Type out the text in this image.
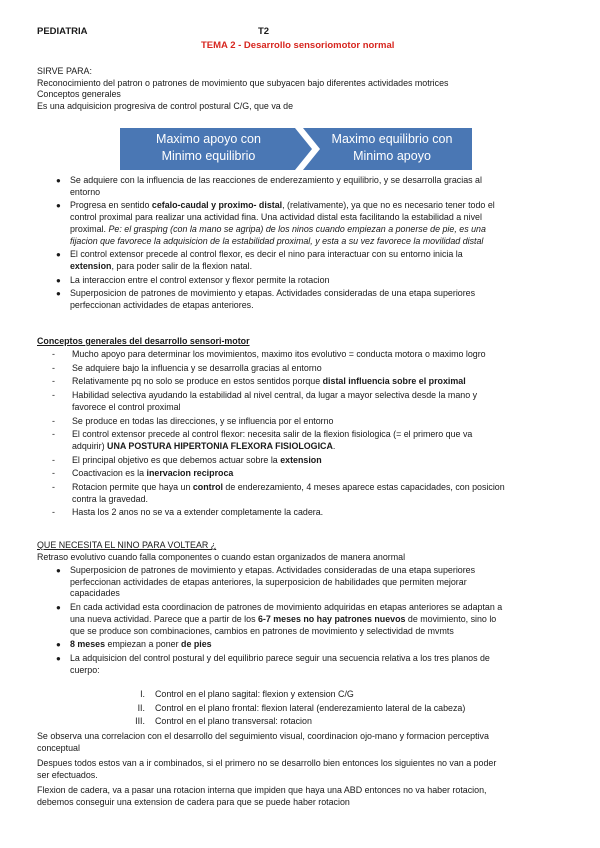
PEDIATRIA	T2
TEMA 2 - Desarrollo sensoriomotor normal
SIRVE PARA:
Reconocimiento del patron o patrones de movimiento que subyacen bajo diferentes actividades motrices
Conceptos generales
Es una adquisicion progresiva de control postural C/G, que va de
Maximo apoyo con
Minimo equilibrio
Maximo equilibrio con
Minimo apoyo
● Se adquiere con la influencia de las reacciones de enderezamiento y equilibrio, y se desarrolla gracias al
entorno
● Progresa en sentido cefalo-caudal y proximo- distal, (relativamente), ya que no es necesario tener todo el
control proximal para realizar una actividad fina. Una actividad distal esta facilitando la estabilidad a nivel
proximal. Pe: el grasping (con la mano se agripa) de los ninos cuando empiezan a ponerse de pie, es una
fijacion que favorece la adquisicion de la estabilidad proximal, y esta a su vez favorece la movilidad distal
● El control extensor precede al control flexor, es decir el nino para interactuar con su entorno inicia la
extension, para poder salir de la flexion natal.
● La interaccion entre el control extensor y flexor permite la rotacion
● Superposicion de patrones de movimiento y etapas. Actividades consideradas de una etapa superiores
perfeccionan actividades de etapas anteriores.
Conceptos generales del desarrollo sensori-motor
- Mucho apoyo para determinar los movimientos, maximo itos evolutivo = conducta motora o maximo logro
- Se adquiere bajo la influencia y se desarrolla gracias al entorno
- Relativamente pq no solo se produce en estos sentidos porque distal influencia sobre el proximal
- Habilidad selectiva ayudando la estabilidad al nivel central, da lugar a mayor selectiva desde la mano y
favorece el control proximal
- Se produce en todas las direcciones, y se influencia por el entorno
- El control extensor precede al control flexor: necesita salir de la flexion fisiologica (= el primero que va
adquirir) UNA POSTURA HIPERTONIA FLEXORA FISIOLOGICA.
- El principal objetivo es que debemos actuar sobre la extension
- Coactivacion es la inervacion reciproca
- Rotacion permite que haya un control de enderezamiento, 4 meses aparece estas capacidades, con posicion
contra la gravedad.
- Hasta los 2 anos no se va a extender completamente la cadera.
QUE NECESITA EL NINO PARA VOLTEAR ¿
Retraso evolutivo cuando falla componentes o cuando estan organizados de manera anormal
● Superposicion de patrones de movimiento y etapas. Actividades consideradas de una etapa superiores
perfeccionan actividades de etapas anteriores, la superposicion de habilidades que permiten mejorar
capacidades
● En cada actividad esta coordinacion de patrones de movimiento adquiridas en etapas anteriores se adaptan a
una nueva actividad. Parece que a partir de los 6-7 meses no hay patrones nuevos de movimiento, sino lo
que se produce son combinaciones, cambios en patrones de movimiento y selectividad de mvmts
● 8 meses empiezan a poner de pies
● La adquisicion del control postural y del equilibrio parece seguir una secuencia relativa a los tres planos de
cuerpo:
I. Control en el plano sagital: flexion y extension C/G
II. Control en el plano frontal: flexion lateral (enderezamiento lateral de la cabeza)
III. Control en el plano transversal: rotacion
Se observa una correlacion con el desarrollo del seguimiento visual, coordinacion ojo-mano y formacion perceptiva
conceptual
Despues todos estos van a ir combinados, si el primero no se desarrollo bien entonces los siguientes no van a poder
ser efectuados.
Flexion de cadera, va a pasar una rotacion interna que impiden que haya una ABD entonces no va haber rotacion,
debemos conseguir una extension de cadera para que se puede haber rotacion
